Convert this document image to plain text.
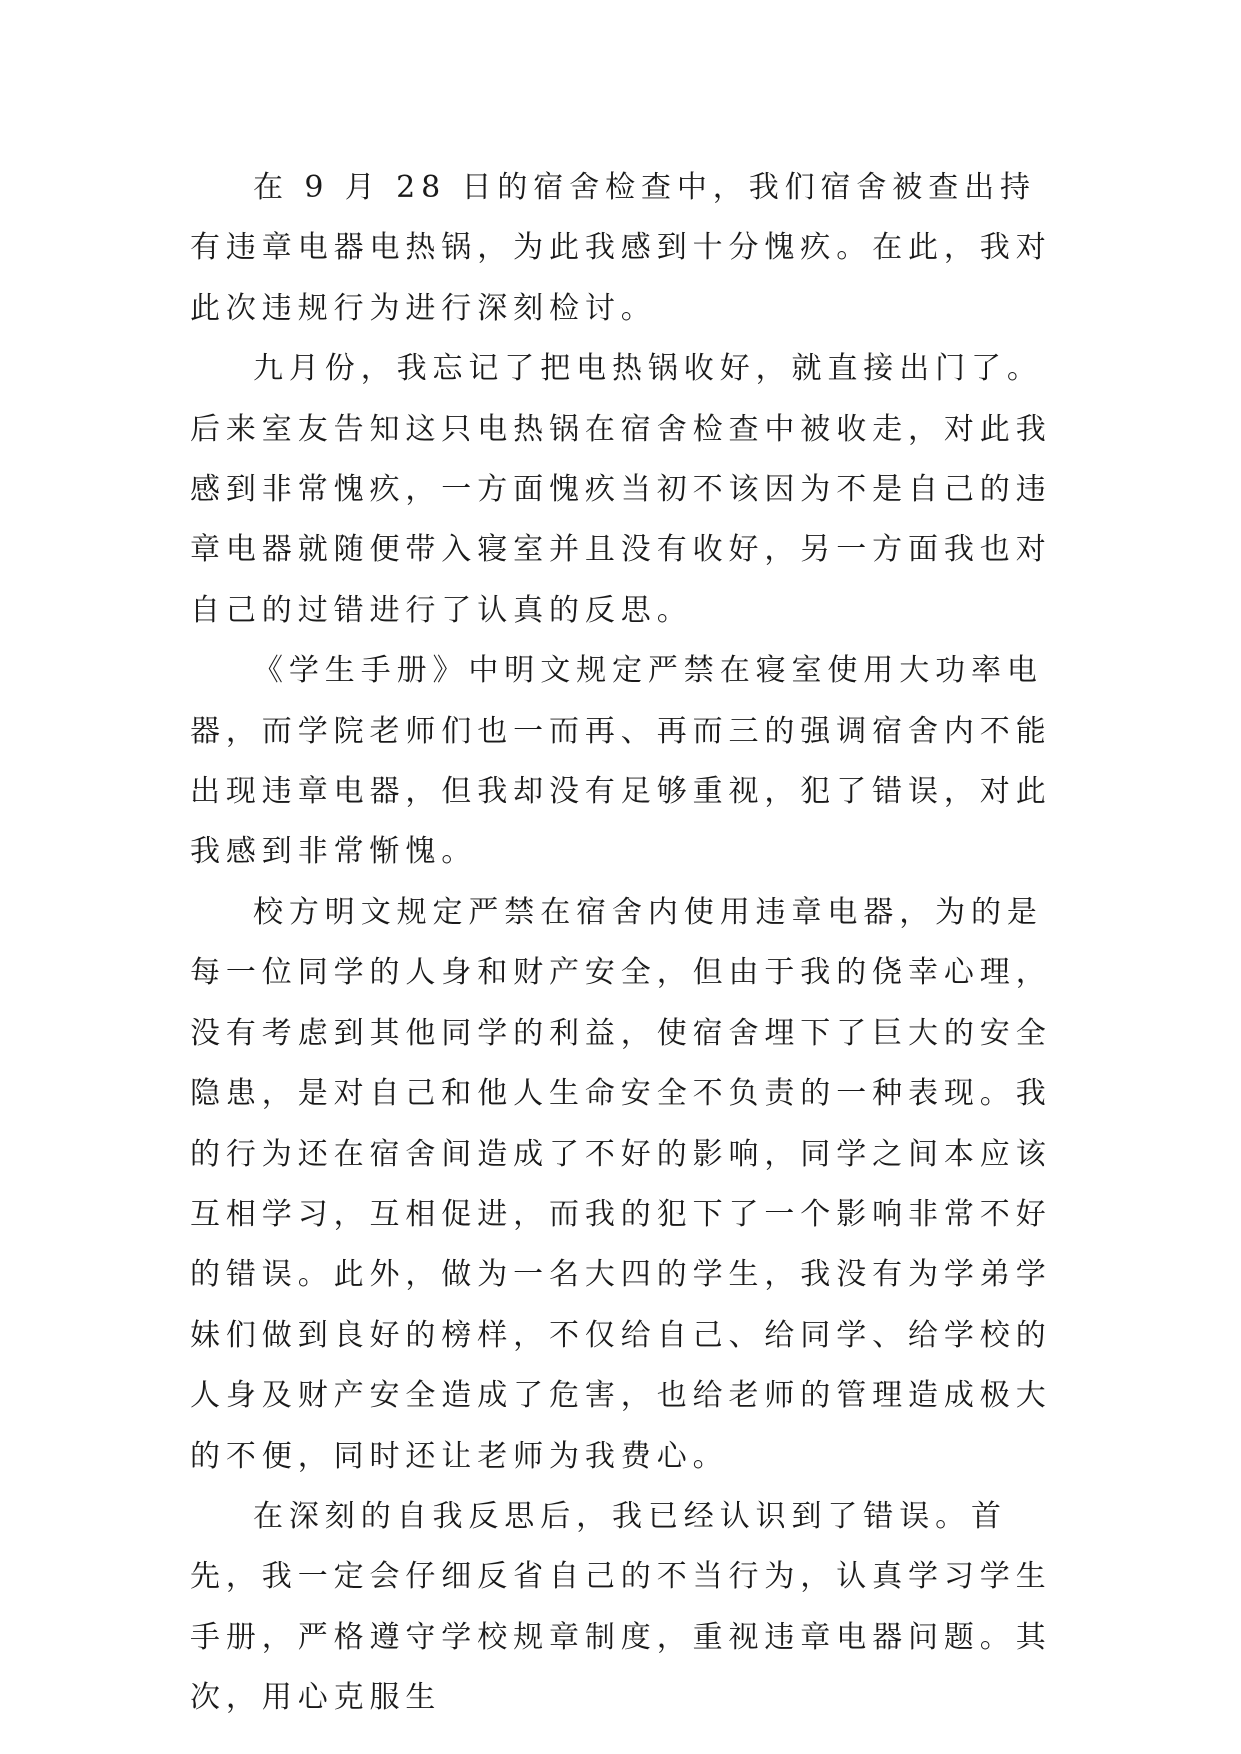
在 9 月 28 日的宿舍检查中，我们宿舍被查出持有违章电器电热锅，为此我感到十分愧疚。在此，我对此次违规行为进行深刻检讨。

九月份，我忘记了把电热锅收好，就直接出门了。后来室友告知这只电热锅在宿舍检查中被收走，对此我感到非常愧疚，一方面愧疚当初不该因为不是自己的违章电器就随便带入寝室并且没有收好，另一方面我也对自己的过错进行了认真的反思。

《学生手册》中明文规定严禁在寝室使用大功率电器，而学院老师们也一而再、再而三的强调宿舍内不能出现违章电器，但我却没有足够重视，犯了错误，对此我感到非常惭愧。

校方明文规定严禁在宿舍内使用违章电器，为的是每一位同学的人身和财产安全，但由于我的侥幸心理，没有考虑到其他同学的利益，使宿舍埋下了巨大的安全隐患，是对自己和他人生命安全不负责的一种表现。我的行为还在宿舍间造成了不好的影响，同学之间本应该互相学习，互相促进，而我的犯下了一个影响非常不好的错误。此外，做为一名大四的学生，我没有为学弟学妹们做到良好的榜样，不仅给自己、给同学、给学校的人身及财产安全造成了危害，也给老师的管理造成极大的不便，同时还让老师为我费心。

在深刻的自我反思后，我已经认识到了错误。首先，我一定会仔细反省自己的不当行为，认真学习学生手册，严格遵守学校规章制度，重视违章电器问题。其次，用心克服生
